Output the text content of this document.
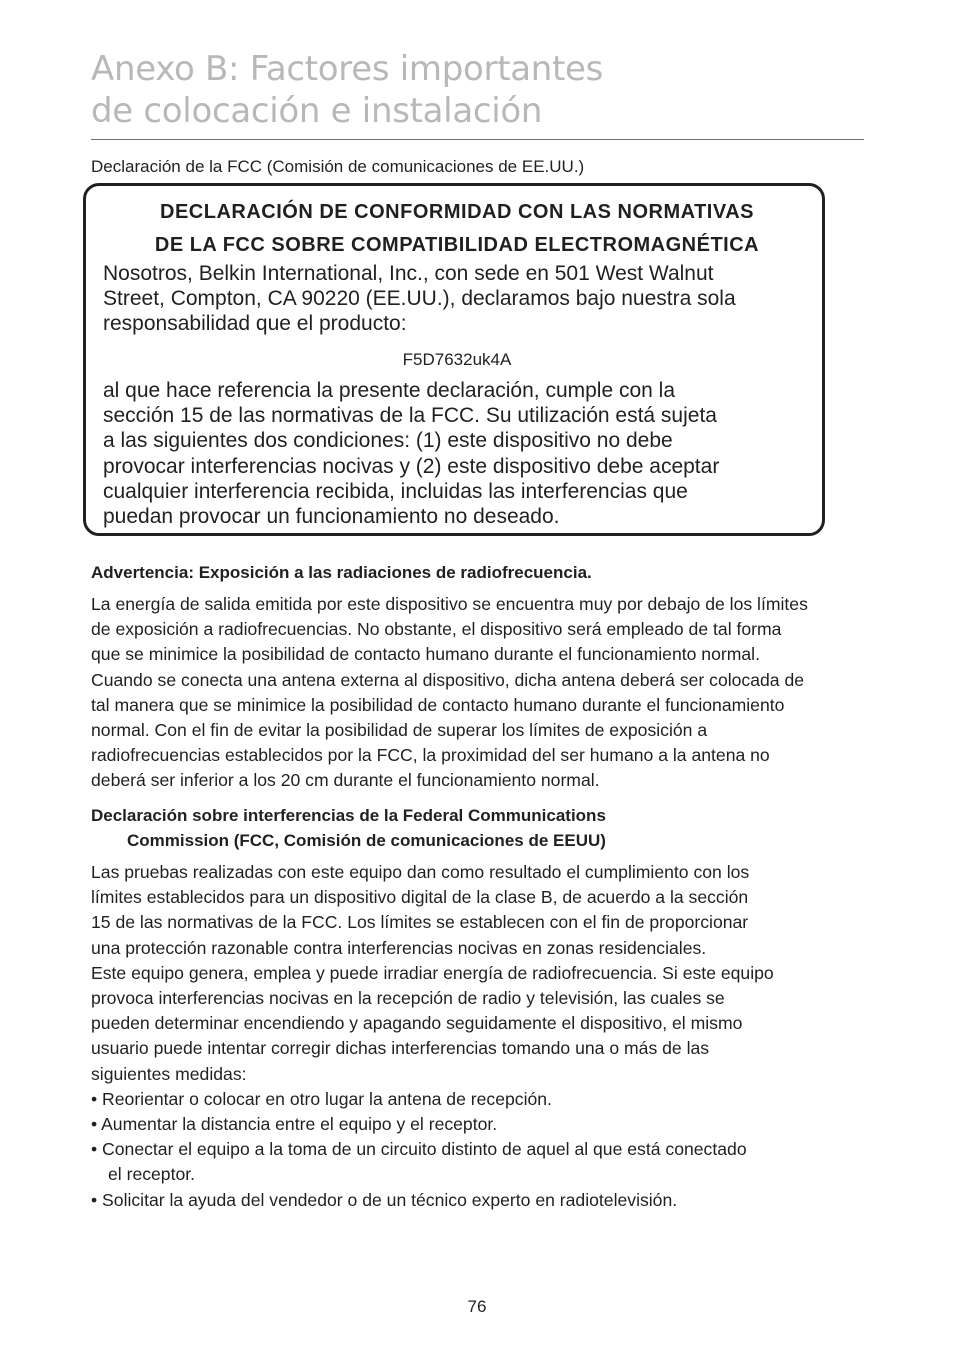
Anexo B: Factores importantes
de colocación e instalación
Declaración de la FCC (Comisión de comunicaciones de EE.UU.)
DECLARACIÓN DE CONFORMIDAD CON LAS NORMATIVAS
DE LA FCC SOBRE COMPATIBILIDAD ELECTROMAGNÉTICA

Nosotros, Belkin International, Inc., con sede en 501 West Walnut
Street, Compton, CA 90220 (EE.UU.), declaramos bajo nuestra sola
responsabilidad que el producto:

F5D7632uk4A

al que hace referencia la presente declaración, cumple con la
sección 15 de las normativas de la FCC. Su utilización está sujeta
a las siguientes dos condiciones: (1) este dispositivo no debe
provocar interferencias nocivas y (2) este dispositivo debe aceptar
cualquier interferencia recibida, incluidas las interferencias que
puedan provocar un funcionamiento no deseado.

Advertencia: Exposición a las radiaciones de radiofrecuencia.

La energía de salida emitida por este dispositivo se encuentra muy por debajo de los límites
de exposición a radiofrecuencias. No obstante, el dispositivo será empleado de tal forma
que se minimice la posibilidad de contacto humano durante el funcionamiento normal.
Cuando se conecta una antena externa al dispositivo, dicha antena deberá ser colocada de
tal manera que se minimice la posibilidad de contacto humano durante el funcionamiento
normal. Con el fin de evitar la posibilidad de superar los límites de exposición a
radiofrecuencias establecidos por la FCC, la proximidad del ser humano a la antena no
deberá ser inferior a los 20 cm durante el funcionamiento normal.

Declaración sobre interferencias de la Federal Communications
Commission (FCC, Comisión de comunicaciones de EEUU)

Las pruebas realizadas con este equipo dan como resultado el cumplimiento con los
límites establecidos para un dispositivo digital de la clase B, de acuerdo a la sección
15 de las normativas de la FCC. Los límites se establecen con el fin de proporcionar
una protección razonable contra interferencias nocivas en zonas residenciales.
Este equipo genera, emplea y puede irradiar energía de radiofrecuencia. Si este equipo
provoca interferencias nocivas en la recepción de radio y televisión, las cuales se
pueden determinar encendiendo y apagando seguidamente el dispositivo, el mismo
usuario puede intentar corregir dichas interferencias tomando una o más de las
siguientes medidas:
• Reorientar o colocar en otro lugar la antena de recepción.
• Aumentar la distancia entre el equipo y el receptor.
• Conectar el equipo a la toma de un circuito distinto de aquel al que está conectado
el receptor.
• Solicitar la ayuda del vendedor o de un técnico experto en radiotelevisión.

76
